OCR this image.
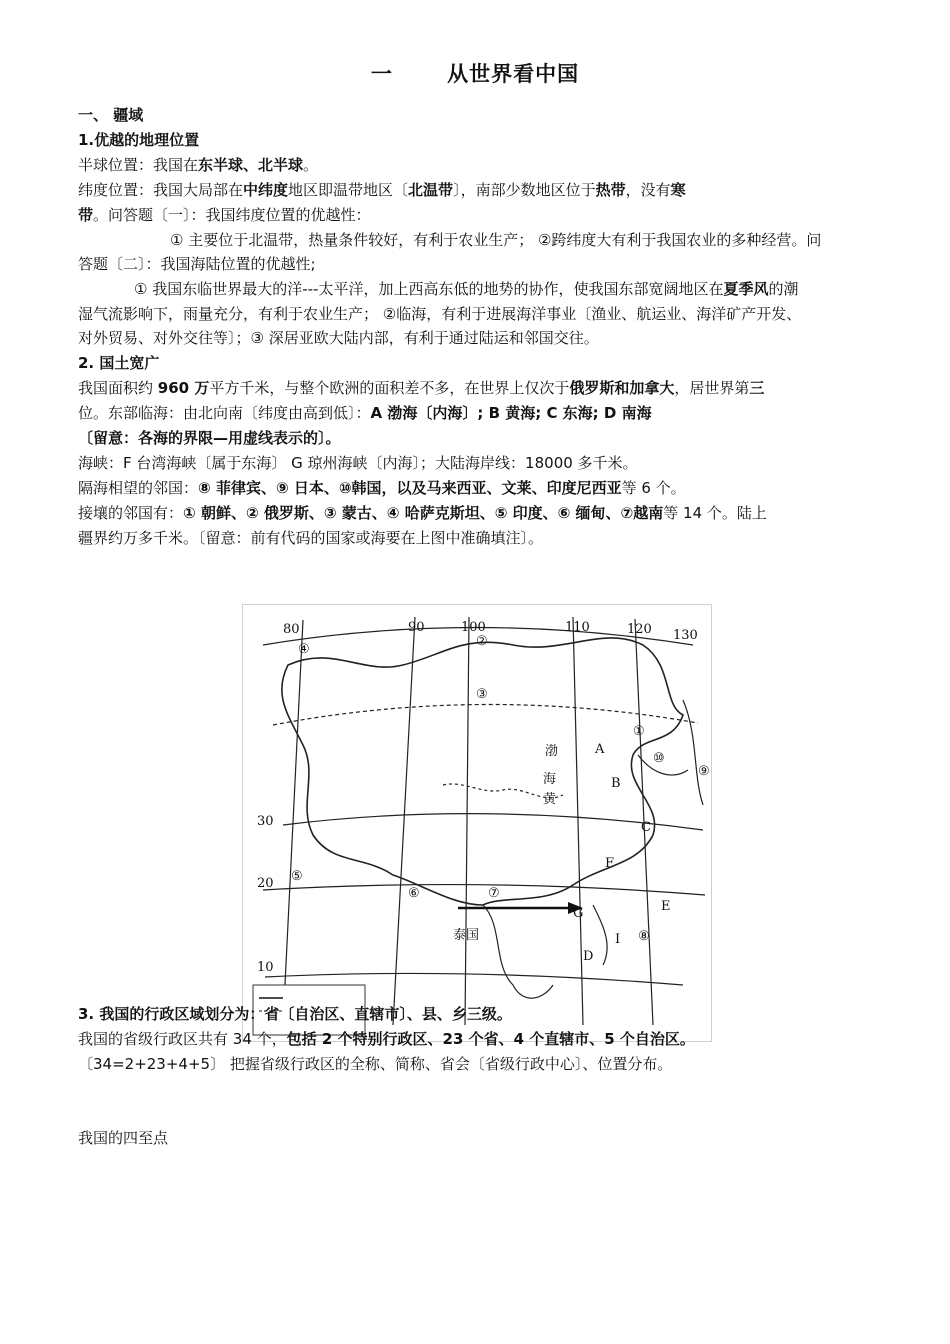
一	从世界看中国
一、 疆域
1.优越的地理位置
半球位置：我国在东半球、北半球。
纬度位置：我国大局部在中纬度地区即温带地区〔北温带〕，南部少数地区位于热带，没有寒
带。问答题〔一〕：我国纬度位置的优越性：
① 主要位于北温带，热量条件较好，有利于农业生产； ②跨纬度大有利于我国农业的多种经营。问
答题〔二〕：我国海陆位置的优越性;
① 我国东临世界最大的洋---太平洋，加上西高东低的地势的协作，使我国东部宽阔地区在夏季风的潮
湿气流影响下，雨量充分，有利于农业生产； ②临海，有利于进展海洋事业〔渔业、航运业、海洋矿产开发、
对外贸易、对外交往等〕；③ 深居亚欧大陆内部，有利于通过陆运和邻国交往。
2. 国土宽广
我国面积约 960 万平方千米，与整个欧洲的面积差不多，在世界上仅次于俄罗斯和加拿大，居世界第三
位。东部临海：由北向南〔纬度由高到低〕：A 渤海〔内海〕; B 黄海; C 东海; D 南海
〔留意：各海的界限—用虚线表示的〕。
海峡：F 台湾海峡〔属于东海〕 G 琼州海峡〔内海〕；大陆海岸线：18000 多千米。
隔海相望的邻国：⑧ 菲律宾、⑨ 日本、⑩韩国，以及马来西亚、文莱、印度尼西亚等 6 个。
接壤的邻国有：① 朝鲜、② 俄罗斯、③ 蒙古、④ 哈萨克斯坦、⑤ 印度、⑥ 缅甸、⑦越南等 14 个。陆上
疆界约万多千米。〔留意：前有代码的国家或海要在上图中准确填注〕。
80	90	100	110	120 130
30
20
10
①
②
③
④
⑤
⑥	⑦
⑧
⑨
⑩
A
B
C
D
E
F
G
I
渤
海
黄
泰国
3. 我国的行政区域划分为：省〔自治区、直辖市〕、县、乡三级。
我国的省级行政区共有 34 个，包括 2 个特别行政区、23 个省、4 个直辖市、5 个自治区。
〔34=2+23+4+5〕 把握省级行政区的全称、简称、省会〔省级行政中心〕、位置分布。
我国的四至点
